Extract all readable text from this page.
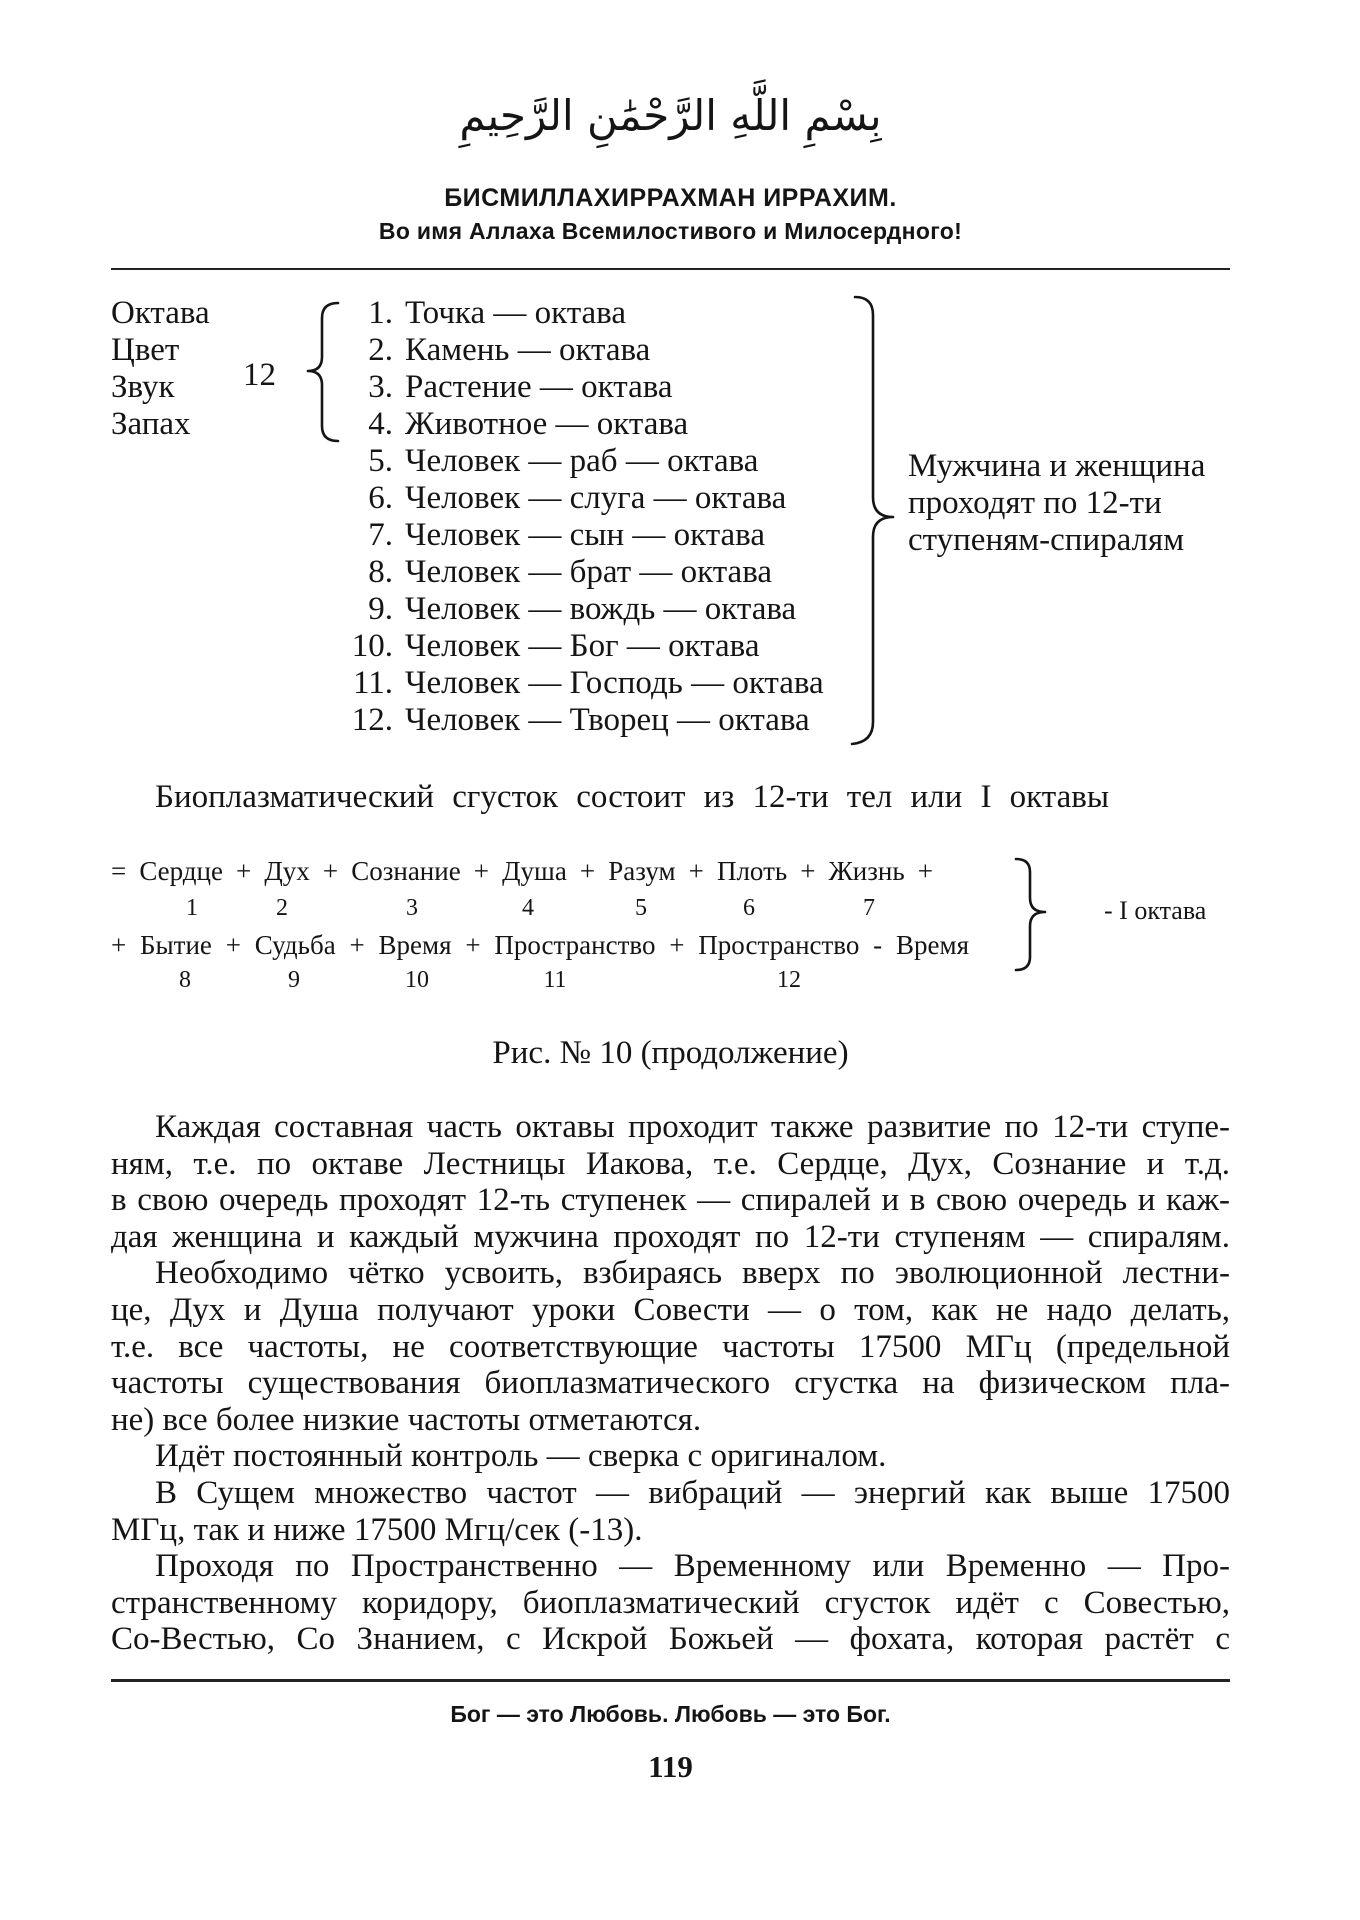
بِسْمِ اللَّهِ الرَّحْمَٰنِ الرَّحِيمِ
БИСМИЛЛАХИРРАХМАН ИРРАХИМ.
Во имя Аллаха Всемилостивого и Милосердного!
Октава
Цвет
Звук
Запах
12
1. Точка — октава
2. Камень — октава
3. Растение — октава
4. Животное — октава
5. Человек — раб — октава
6. Человек — слуга — октава
7. Человек — сын — октава
8. Человек — брат — октава
9. Человек — вождь — октава
10. Человек — Бог — октава
11. Человек — Господь — октава
12. Человек — Творец — октава
Мужчина и женщина
проходят по 12-ти
ступеням-спиралям
Биоплазматический сгусток состоит из 12-ти тел или I октавы
= Сердце + Дух + Сознание + Душа + Разум + Плоть + Жизнь +
1	2	3	4	5	6	7
+ Бытие + Судьба + Время + Пространство + Пространство - Время
8	9	10	11	12
- I октава
Рис. № 10 (продолжение)
Каждая составная часть октавы проходит также развитие по 12-ти ступе-
ням, т.е. по октаве Лестницы Иакова, т.е. Сердце, Дух, Сознание и т.д.
в свою очередь проходят 12-ть ступенек — спиралей и в свою очередь и каж-
дая женщина и каждый мужчина проходят по 12-ти ступеням — спиралям.
Необходимо чётко усвоить, взбираясь вверх по эволюционной лестни-
це, Дух и Душа получают уроки Совести — о том, как не надо делать,
т.е. все частоты, не соответствующие частоты 17500 МГц (предельной
частоты существования биоплазматического сгустка на физическом пла-
не) все более низкие частоты отметаются.
Идёт постоянный контроль — сверка с оригиналом.
В Сущем множество частот — вибраций — энергий как выше 17500
МГц, так и ниже 17500 Мгц/сек (-13).
Проходя по Пространственно — Временному или Временно — Про-
странственному коридору, биоплазматический сгусток идёт с Совестью,
Со-Вестью, Со Знанием, с Искрой Божьей — фохата, которая растёт с
Бог — это Любовь. Любовь — это Бог.
119
